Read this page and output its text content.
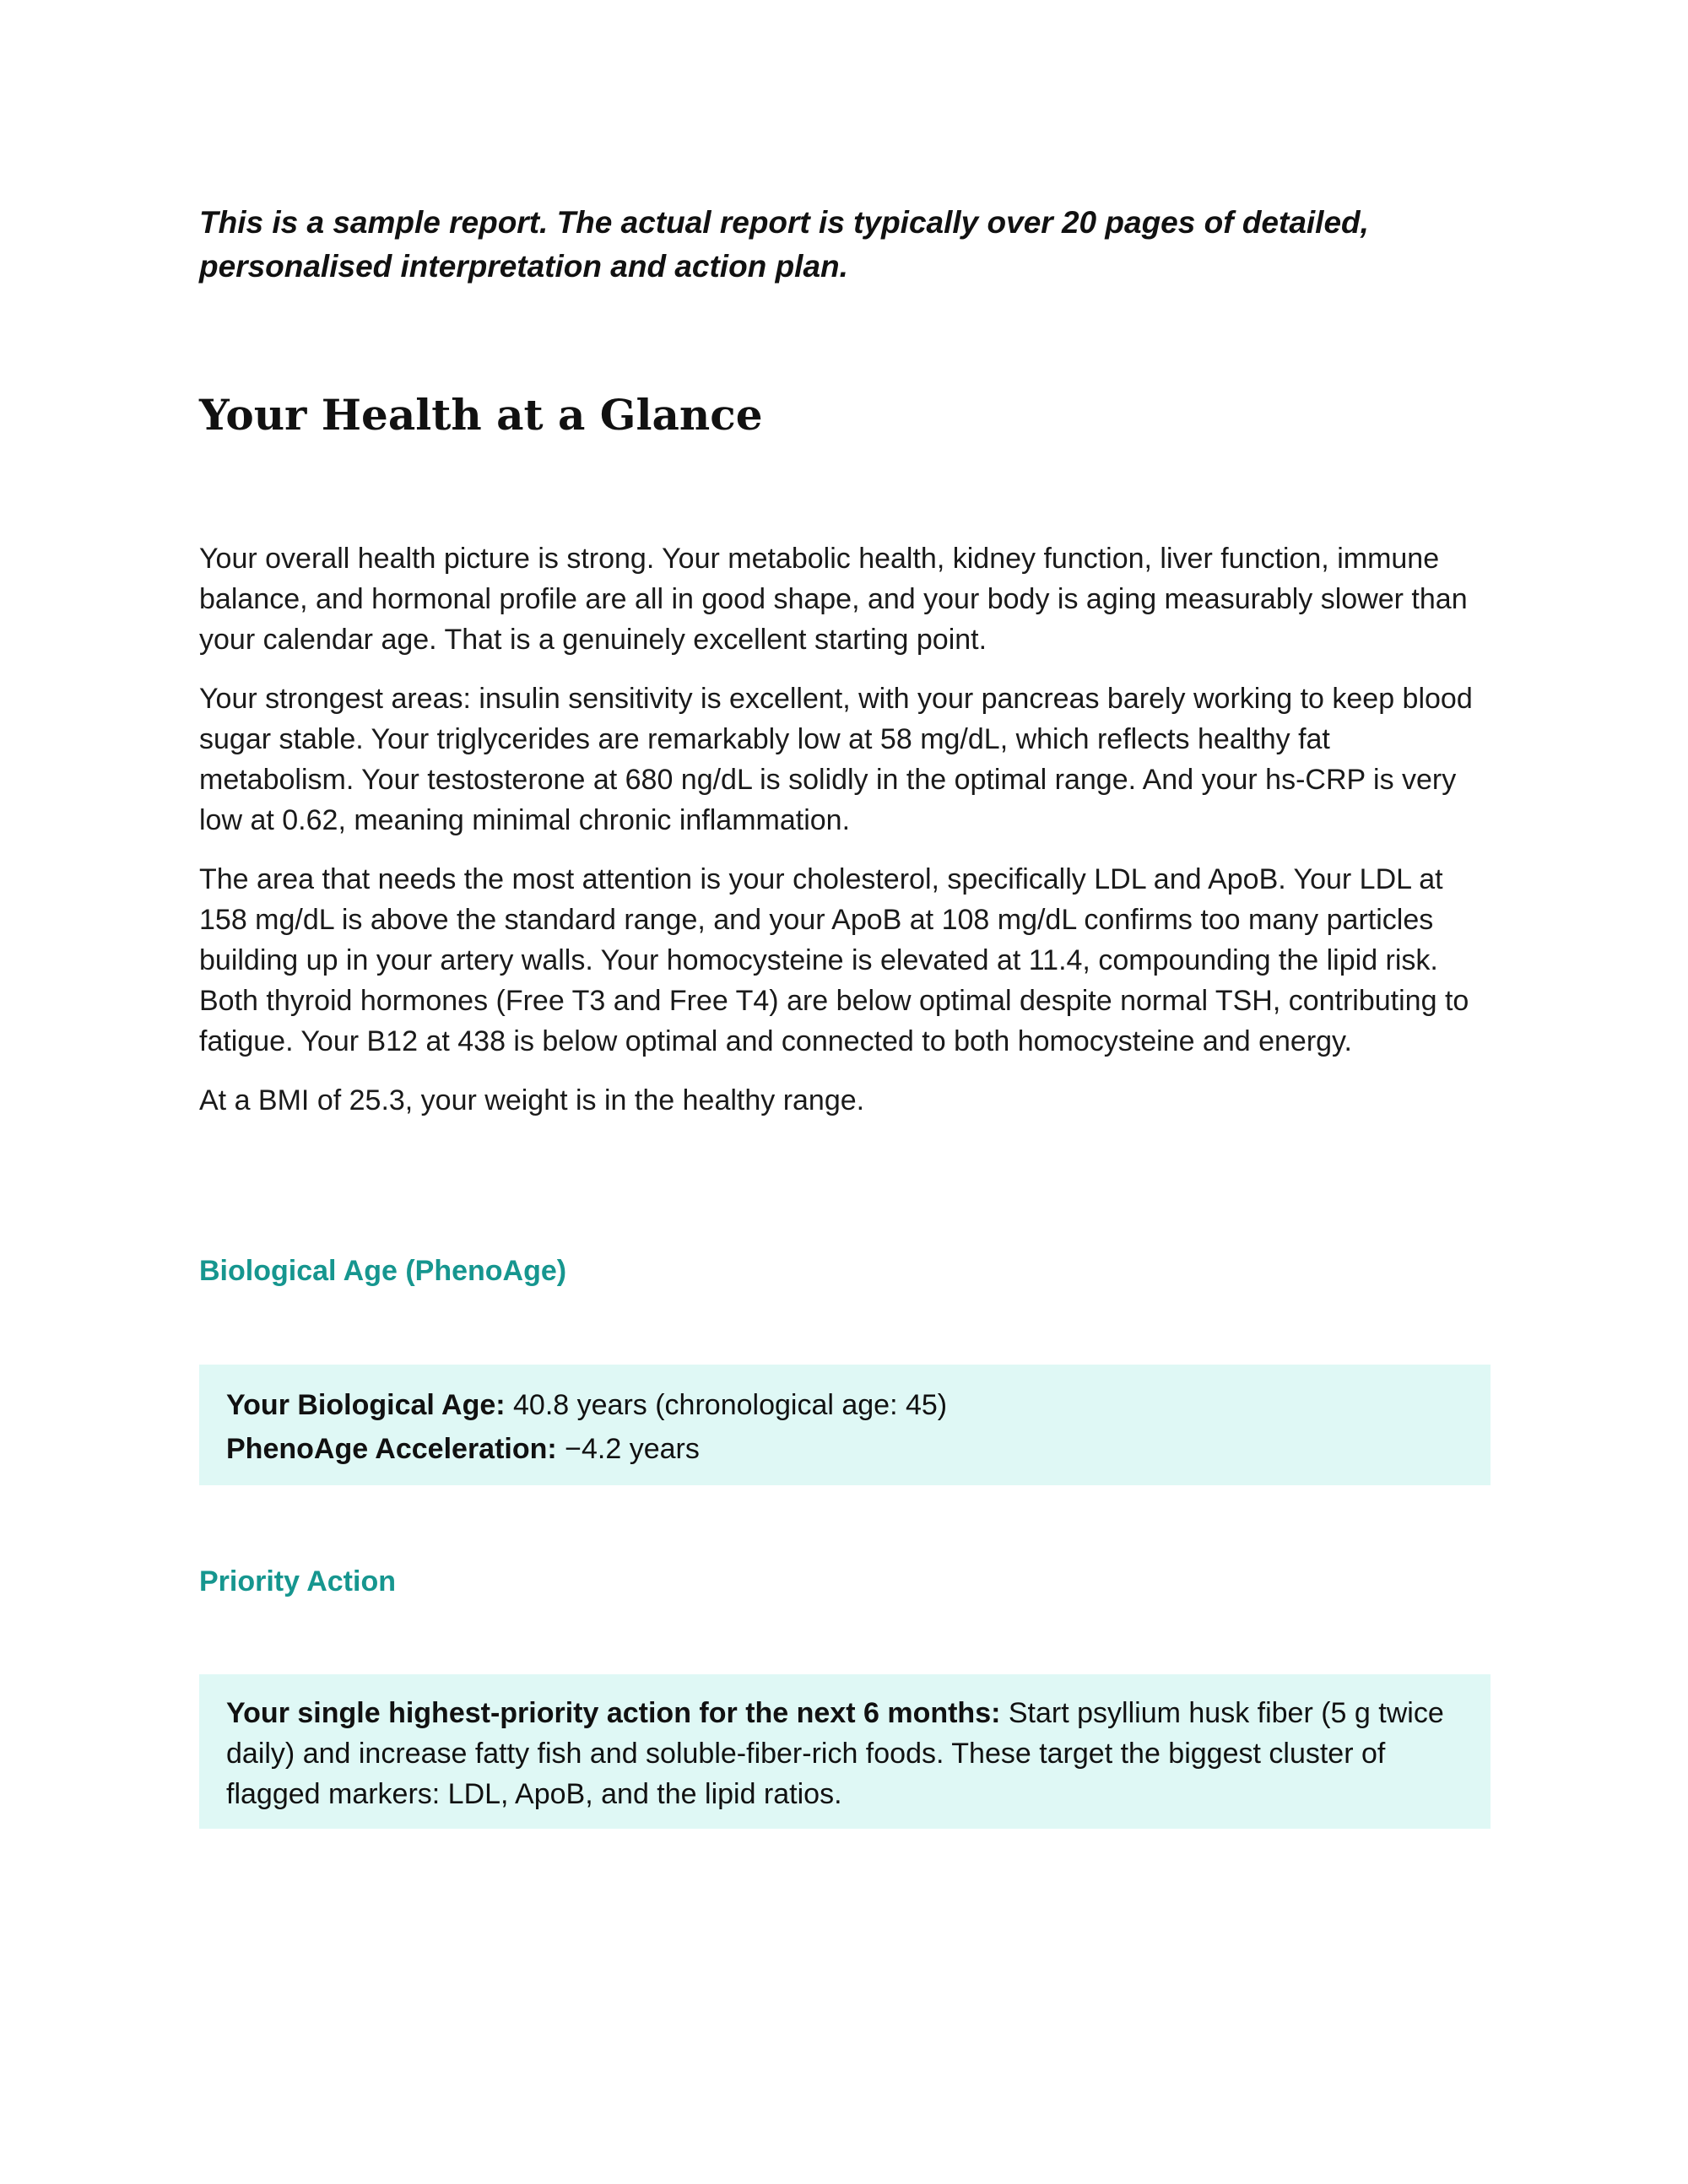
This is a sample report. The actual report is typically over 20 pages of detailed, personalised interpretation and action plan.

Your Health at a Glance

Your overall health picture is strong. Your metabolic health, kidney function, liver function, immune balance, and hormonal profile are all in good shape, and your body is aging measurably slower than your calendar age. That is a genuinely excellent starting point.

Your strongest areas: insulin sensitivity is excellent, with your pancreas barely working to keep blood sugar stable. Your triglycerides are remarkably low at 58 mg/dL, which reflects healthy fat metabolism. Your testosterone at 680 ng/dL is solidly in the optimal range. And your hs-CRP is very low at 0.62, meaning minimal chronic inflammation.

The area that needs the most attention is your cholesterol, specifically LDL and ApoB. Your LDL at 158 mg/dL is above the standard range, and your ApoB at 108 mg/dL confirms too many particles building up in your artery walls. Your homocysteine is elevated at 11.4, compounding the lipid risk. Both thyroid hormones (Free T3 and Free T4) are below optimal despite normal TSH, contributing to fatigue. Your B12 at 438 is below optimal and connected to both homocysteine and energy.

At a BMI of 25.3, your weight is in the healthy range.

Biological Age (PhenoAge)

Your Biological Age: 40.8 years (chronological age: 45)

PhenoAge Acceleration: −4.2 years

Priority Action

Your single highest-priority action for the next 6 months: Start psyllium husk fiber (5 g twice daily) and increase fatty fish and soluble-fiber-rich foods. These target the biggest cluster of flagged markers: LDL, ApoB, and the lipid ratios.
